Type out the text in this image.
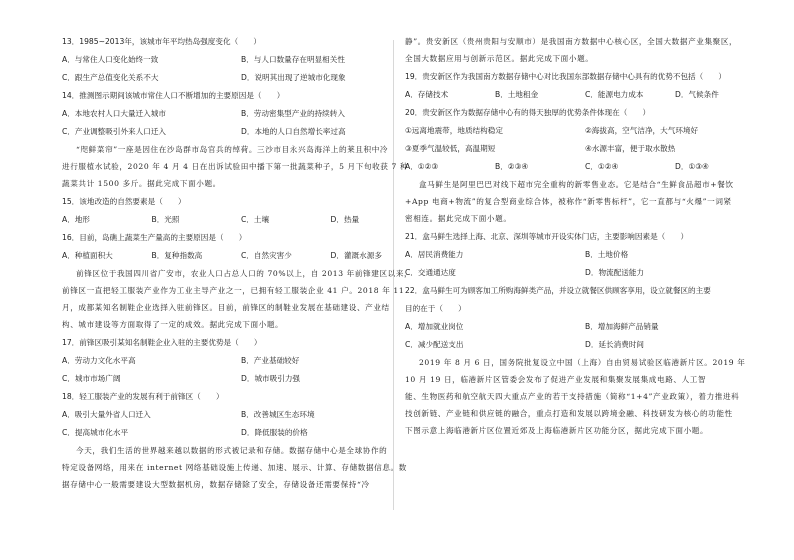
13．1985~2013年，该城市年平均热岛强度变化（　　）
A．与常住人口变化始终一致	B．与人口数量存在明显相关性
C．跟生产总值变化关系不大	D．说明其出现了逆城市化现象
14．推测图示期间该城市常住人口不断增加的主要原因是（　　）
A．本地农村人口大量迁入城市	B．劳动密集型产业的持续转入
C．产业调整吸引外来人口迁入	D．本地的人口自然增长率过高
“咫鲜菜帘”一座是因住在沙岛群市岛官兵的绰荷。三沙市目永兴岛海洋上的莱且积中冷
进行服植水试验，2020 年 4 月 4 日在出诉试验田中播下第一批蔬菜种子，5 月下旬收获 7 种
蔬菜共计 1500 多斤。据此完成下面小题。
15．该地改造的自然要素是（　　）
A．地形	B．光照	C．土壤	D．热量
16．目前，岛礁上蔬菜生产量高的主要原因是（　　）
A．种植面积大	B．复种指数高	C．自然灾害少	D．灌溉水源多
前锋区位于我国四川省广安市，农业人口占总人口的 70%以上，自 2013 年前锋建区以来，
前锋区一直把轻工服装产业作为工业主导产业之一，已拥有轻工服装企业 41 户。2018 年 11
月，成都某知名制鞋企业选择入驻前锋区。目前，前锋区的制鞋业发展在基础建设、产业结
构、城市建设等方面取得了一定的成效。据此完成下面小题。
17．前锋区吸引某知名制鞋企业入驻的主要优势是（　　）
A．劳动力文化水平高	B．产业基础较好
C．城市市场广阔	D．城市吸引力强
18．轻工服装产业的发展有利于前锋区（　　）
A．吸引大量外省人口迁入	B．改善城区生态环境
C．提高城市化水平	D．降低服装的价格
今天，我们生活的世界越来越以数据的形式被记录和存储。数据存储中心是全球协作的
特定设备网络，用来在 internet 网络基础设施上传递、加速、展示、计算、存储数据信息。数
据存储中心一般需要建设大型数据机房，数据存储除了安全，存储设备还需要保持“冷
静”。贵安新区（贵州贵阳与安顺市）是我国南方数据中心核心区，全国大数据产业集聚区，
全国大数据应用与创新示范区。据此完成下面小题。
19．贵安新区作为我国南方数据存储中心对比我国东部数据存储中心具有的优势不包括（　　）
A．存储技术	B．土地租金	C．能源电力成本	D．气候条件
20．贵安新区作为数据存储中心有的得天独厚的优势条件体现在（　　）
①远离地震带，地质结构稳定	②海拔高，空气洁净，大气环境好
③夏季气温较低，高温期短	④水源丰富，便于取水散热
A．①②③	B．②③④	C．①②④	D．①③④
盒马鲜生是阿里巴巴对线下超市完全重构的新零售业态。它是结合“生鲜食品超市+餐饮
+App 电商+物流”的复合型商业综合体，被称作“新零售标杆”，它一直都与“火爆”一词紧
密相连。据此完成下面小题。
21．盒马鲜生选择上海、北京、深圳等城市开设实体门店，主要影响因素是（　　）
A．居民消费能力	B．土地价格
C．交通通达度	D．物流配送能力
22．盒马鲜生可为顾客加工所购海鲜类产品，并设立就餐区供顾客享用，设立就餐区的主要
目的在于（　　）
A．增加就业岗位	B．增加海鲜产品销量
C．减少配送支出	D．延长消费时间
2019 年 8 月 6 日，国务院批复设立中国（上海）自由贸易试验区临港新片区。2019 年
10 月 19 日，临港新片区管委会发布了促进产业发展和集聚发展集成电路、人工智
能、生物医药和航空航天四大重点产业的若干支持措施（简称“1+4”产业政策），着力推进科
技创新链、产业链和供应链的融合，重点打造和发展以跨境金融、科技研发为核心的功能性
下图示意上海临港新片区位置近郊及上海临港新片区功能分区，据此完成下面小题。
